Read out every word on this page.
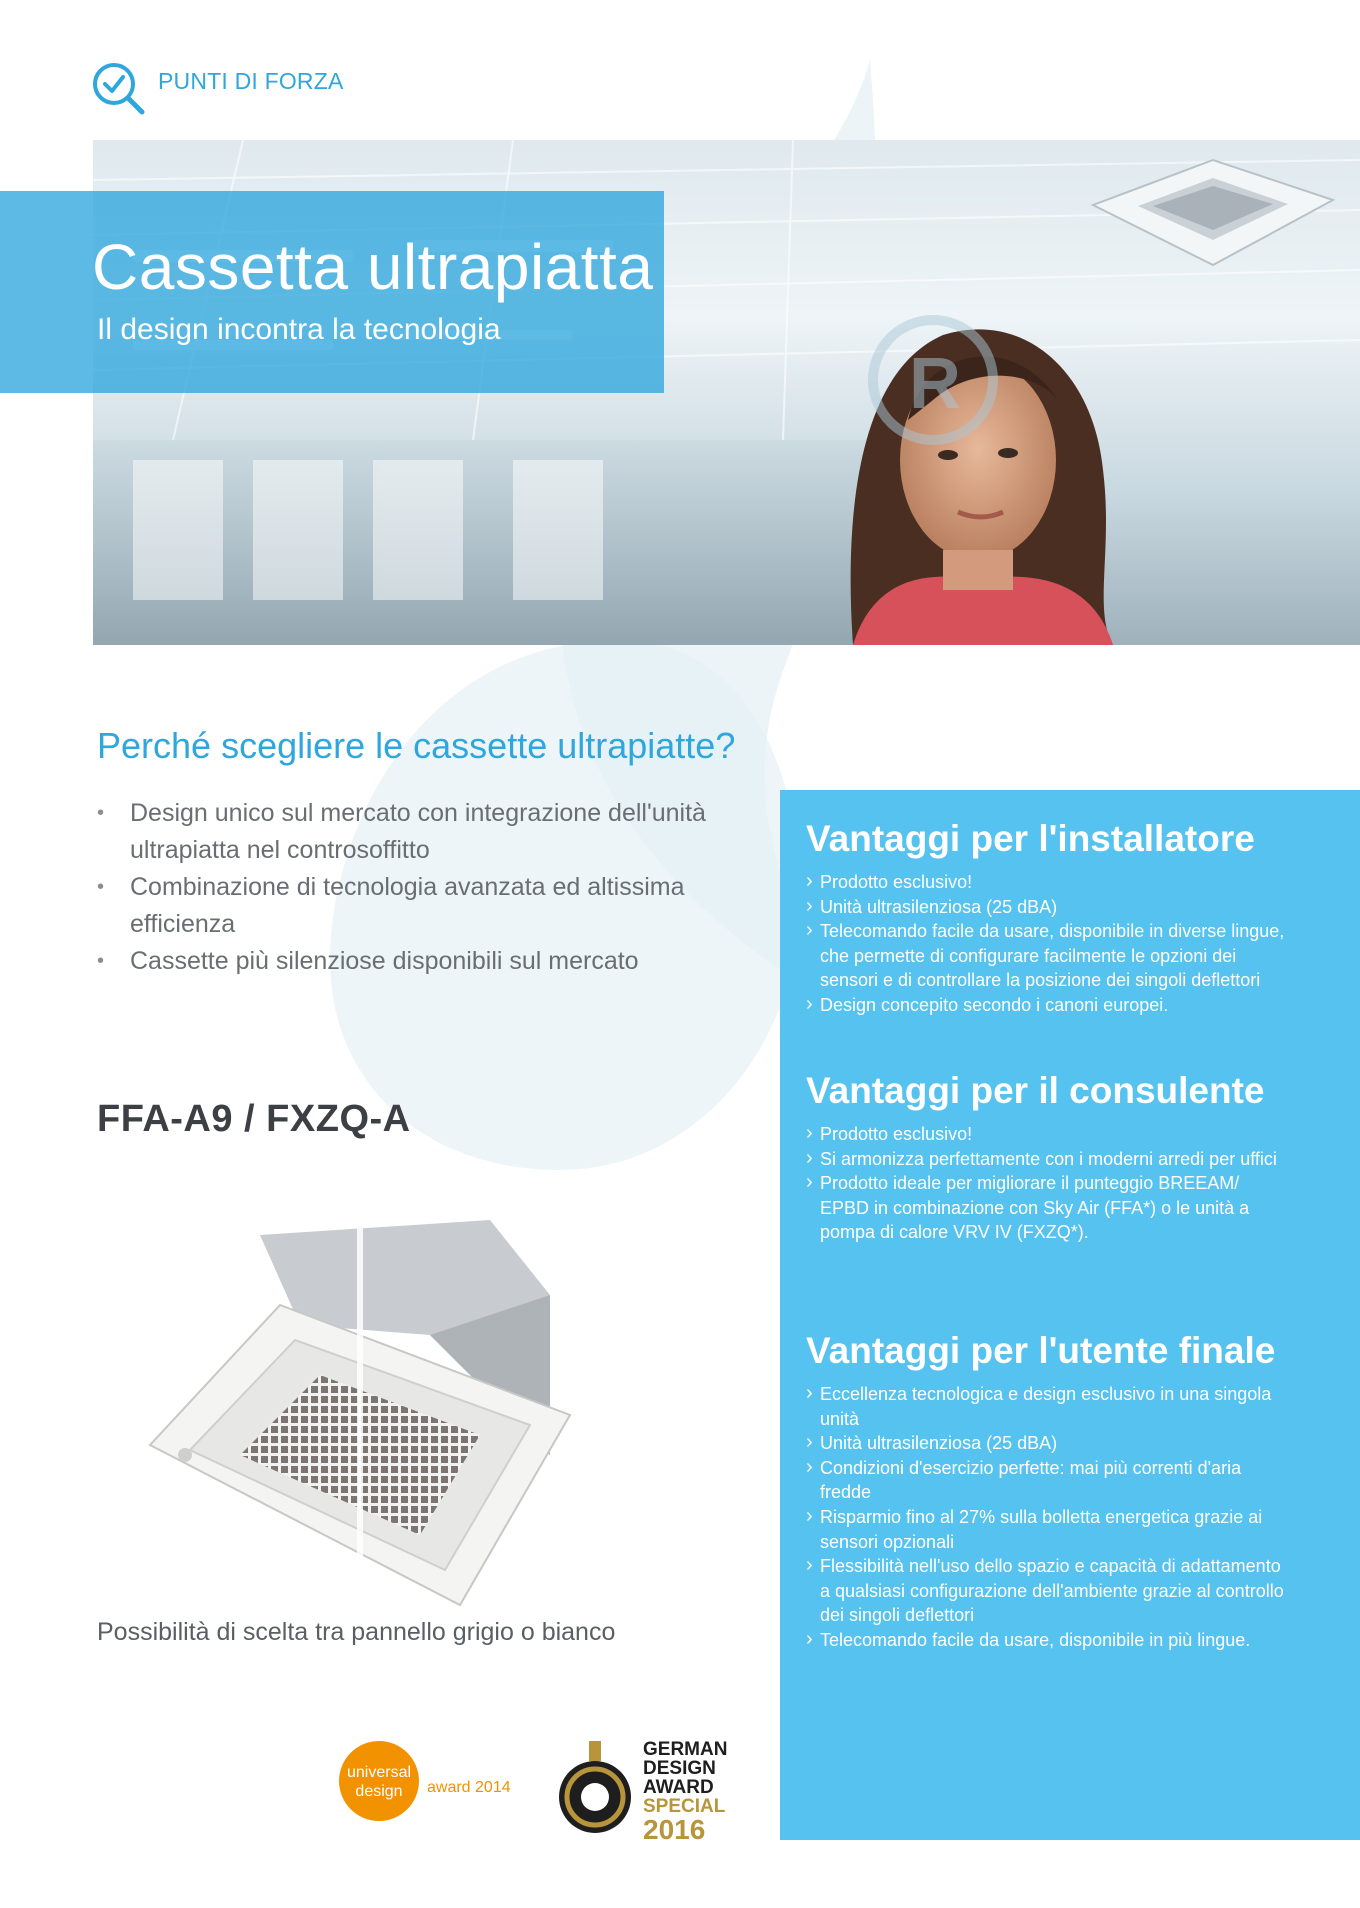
PUNTI DI FORZA
R
Cassetta ultrapiatta
Il design incontra la tecnologia
Perché scegliere le cassette ultrapiatte?
• Design unico sul mercato con integrazione dell'unità ultrapiatta nel controsoffitto
• Combinazione di tecnologia avanzata ed altissima efficienza
• Cassette più silenziose disponibili sul mercato
FFA-A9 / FXZQ-A
Possibilità di scelta tra pannello grigio o bianco
Vantaggi per l'installatore
› Prodotto esclusivo!
› Unità ultrasilenziosa (25 dBA)
› Telecomando facile da usare, disponibile in diverse lingue, che permette di configurare facilmente le opzioni dei sensori e di controllare la posizione dei singoli deflettori
› Design concepito secondo i canoni europei.
Vantaggi per il consulente
› Prodotto esclusivo!
› Si armonizza perfettamente con i moderni arredi per uffici
› Prodotto ideale per migliorare il punteggio BREEAM/ EPBD in combinazione con Sky Air (FFA*) o le unità a pompa di calore VRV IV (FXZQ*).
Vantaggi per l'utente finale
› Eccellenza tecnologica e design esclusivo in una singola unità
› Unità ultrasilenziosa (25 dBA)
› Condizioni d'esercizio perfette: mai più correnti d'aria fredde
› Risparmio fino al 27% sulla bolletta energetica grazie ai sensori opzionali
› Flessibilità nell'uso dello spazio e capacità di adattamento a qualsiasi configurazione dell'ambiente grazie al controllo dei singoli deflettori
› Telecomando facile da usare, disponibile in più lingue.
universal
design award 2014
GERMAN
DESIGN
AWARD
SPECIAL
2016
